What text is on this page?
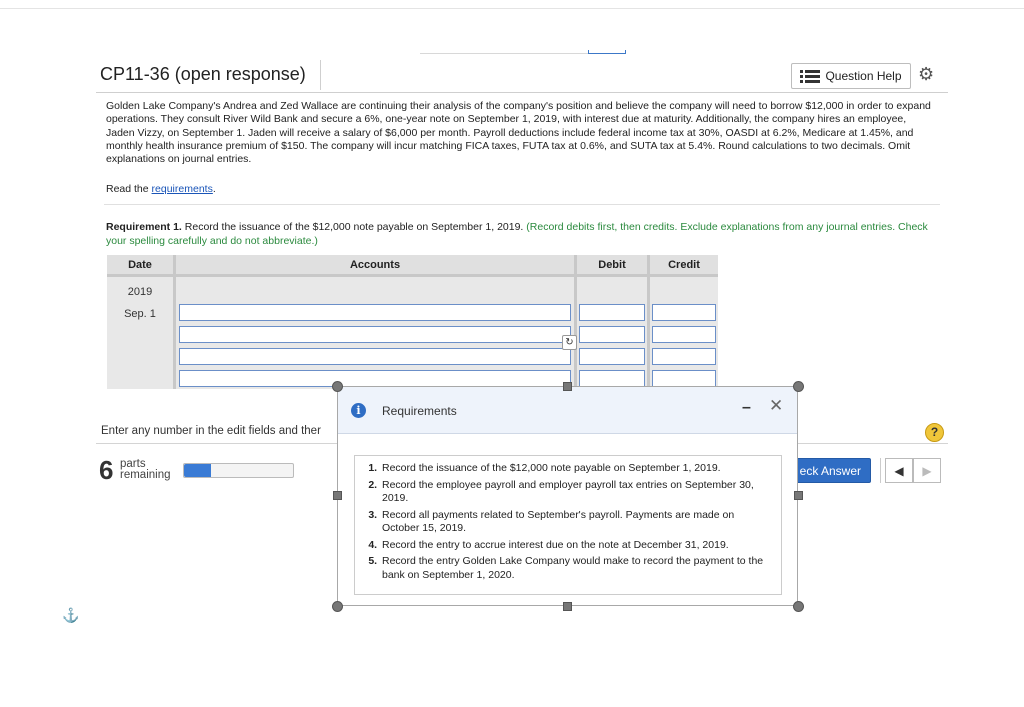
CP11-36 (open response)	Question Help ⚙
Golden Lake Company's Andrea and Zed Wallace are continuing their analysis of the company's position and believe the company will need to borrow $12,000 in order to expand operations. They consult River Wild Bank and secure a 6%, one-year note on September 1, 2019, with interest due at maturity. Additionally, the company hires an employee, Jaden Vizzy, on September 1. Jaden will receive a salary of $6,000 per month. Payroll deductions include federal income tax at 30%, OASDI at 6.2%, Medicare at 1.45%, and monthly health insurance premium of $150. The company will incur matching FICA taxes, FUTA tax at 0.6%, and SUTA tax at 5.4%. Round calculations to two decimals. Omit explanations on journal entries.
Read the requirements.
Requirement 1. Record the issuance of the $12,000 note payable on September 1, 2019. (Record debits first, then credits. Exclude explanations from any journal entries. Check your spelling carefully and do not abbreviate.)
Date	Accounts	Debit	Credit
2019
Sep. 1
↻
Enter any number in the edit fields and ther	?
6 parts
remaining	eck Answer	◀	▶
⚓
i	Requirements	– ✕
1. Record the issuance of the $12,000 note payable on September 1, 2019.
2. Record the employee payroll and employer payroll tax entries on September 30, 2019.
3. Record all payments related to September's payroll. Payments are made on October 15, 2019.
4. Record the entry to accrue interest due on the note at December 31, 2019.
5. Record the entry Golden Lake Company would make to record the payment to the bank on September 1, 2020.
